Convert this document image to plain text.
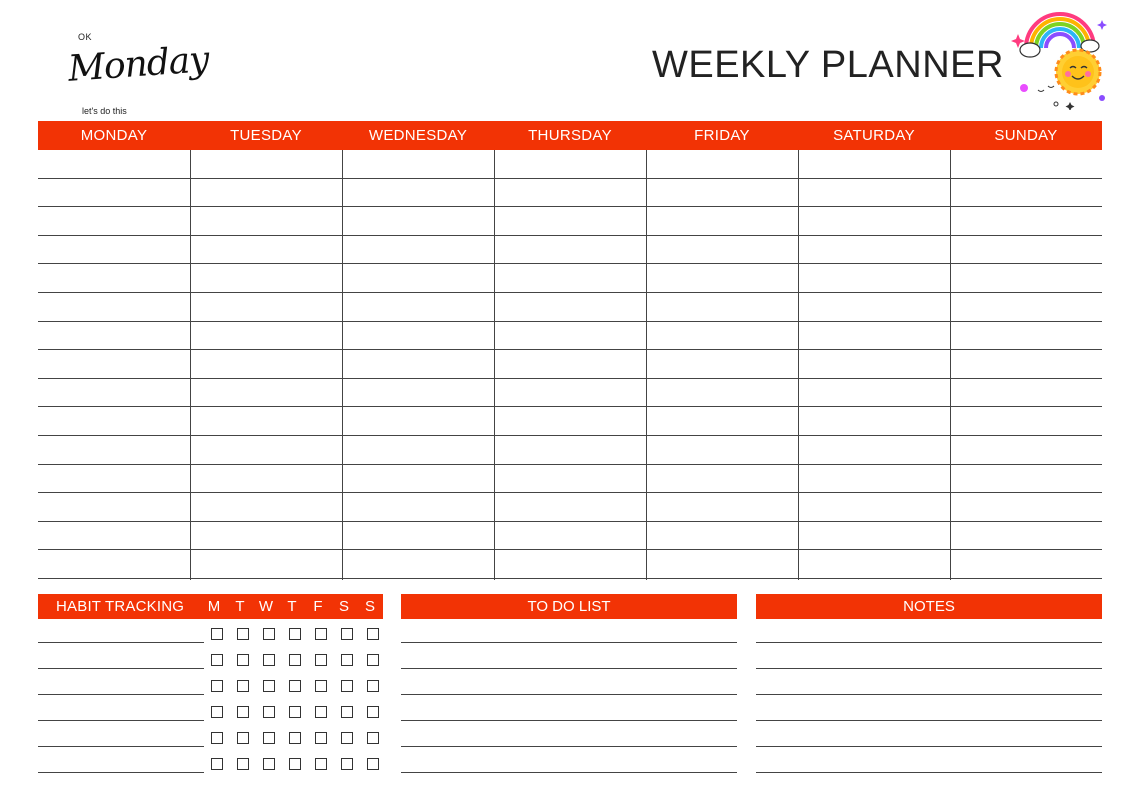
OK
Monday
let's do this
WEEKLY PLANNER
MONDAY	TUESDAY	WEDNESDAY	THURSDAY	FRIDAY	SATURDAY	SUNDAY
HABIT TRACKING	M	T W T	F	S	S	TO DO LIST	NOTES
